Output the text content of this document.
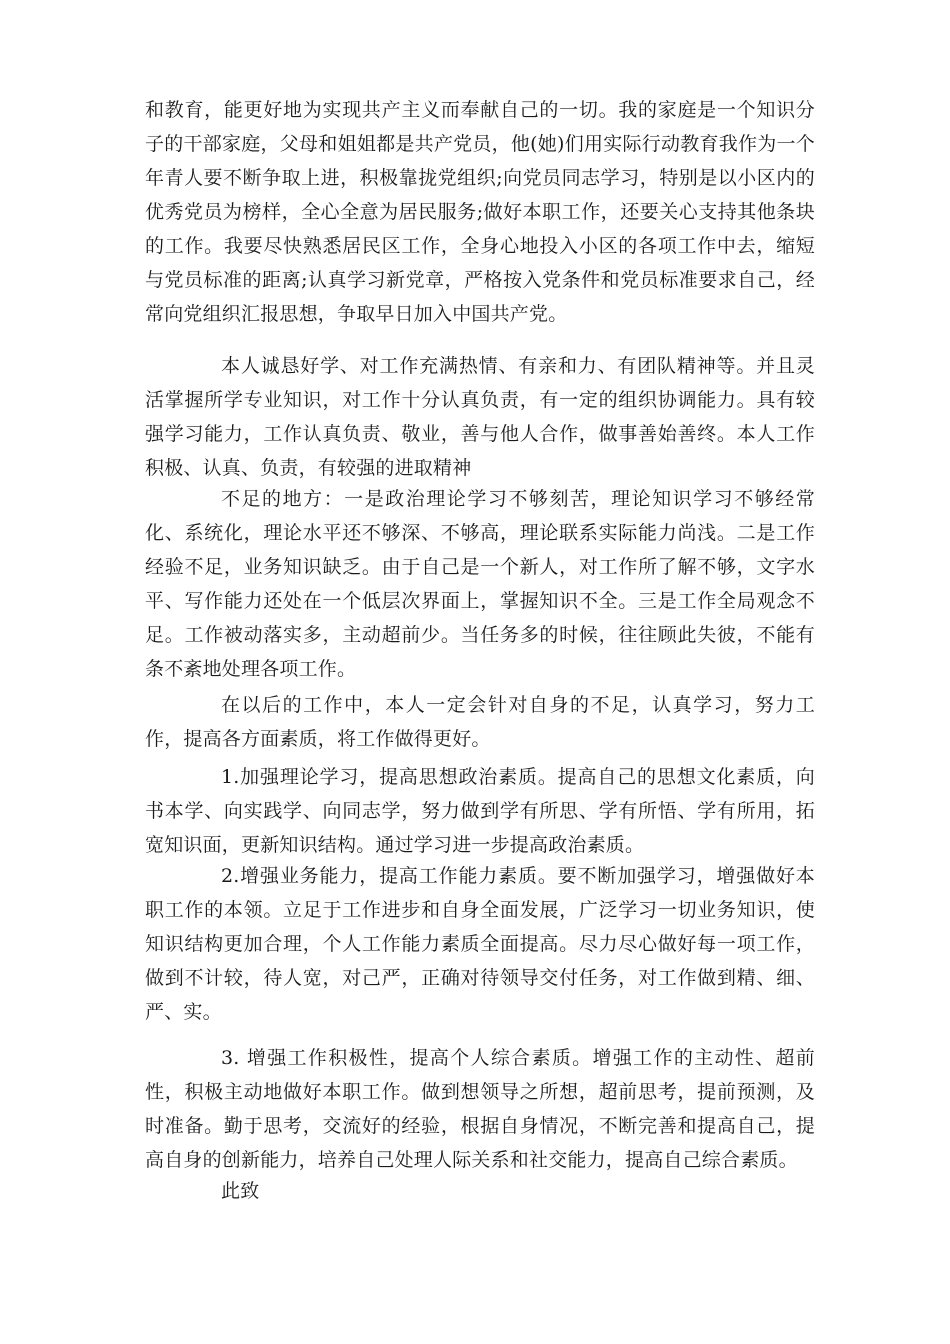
和教育，能更好地为实现共产主义而奉献自己的一切。我的家庭是一个知识分子的干部家庭，父母和姐姐都是共产党员，他(她)们用实际行动教育我作为一个年青人要不断争取上进，积极靠拢党组织;向党员同志学习，特别是以小区内的优秀党员为榜样，全心全意为居民服务;做好本职工作，还要关心支持其他条块的工作。我要尽快熟悉居民区工作，全身心地投入小区的各项工作中去，缩短与党员标准的距离;认真学习新党章，严格按入党条件和党员标准要求自己，经常向党组织汇报思想，争取早日加入中国共产党。

本人诚恳好学、对工作充满热情、有亲和力、有团队精神等。并且灵活掌握所学专业知识，对工作十分认真负责，有一定的组织协调能力。具有较强学习能力，工作认真负责、敬业，善与他人合作，做事善始善终。本人工作积极、认真、负责，有较强的进取精神

不足的地方：一是政治理论学习不够刻苦，理论知识学习不够经常化、系统化，理论水平还不够深、不够高，理论联系实际能力尚浅。二是工作经验不足，业务知识缺乏。由于自己是一个新人，对工作所了解不够，文字水平、写作能力还处在一个低层次界面上，掌握知识不全。三是工作全局观念不足。工作被动落实多，主动超前少。当任务多的时候，往往顾此失彼，不能有条不紊地处理各项工作。

在以后的工作中，本人一定会针对自身的不足，认真学习，努力工作，提高各方面素质，将工作做得更好。

1.加强理论学习，提高思想政治素质。提高自己的思想文化素质，向书本学、向实践学、向同志学，努力做到学有所思、学有所悟、学有所用，拓宽知识面，更新知识结构。通过学习进一步提高政治素质。

2.增强业务能力，提高工作能力素质。要不断加强学习，增强做好本职工作的本领。立足于工作进步和自身全面发展，广泛学习一切业务知识，使知识结构更加合理，个人工作能力素质全面提高。尽力尽心做好每一项工作，做到不计较，待人宽，对己严，正确对待领导交付任务，对工作做到精、细、严、实。

3. 增强工作积极性，提高个人综合素质。增强工作的主动性、超前性，积极主动地做好本职工作。做到想领导之所想，超前思考，提前预测，及时准备。勤于思考，交流好的经验，根据自身情况，不断完善和提高自己，提高自身的创新能力，培养自己处理人际关系和社交能力，提高自己综合素质。

此致
